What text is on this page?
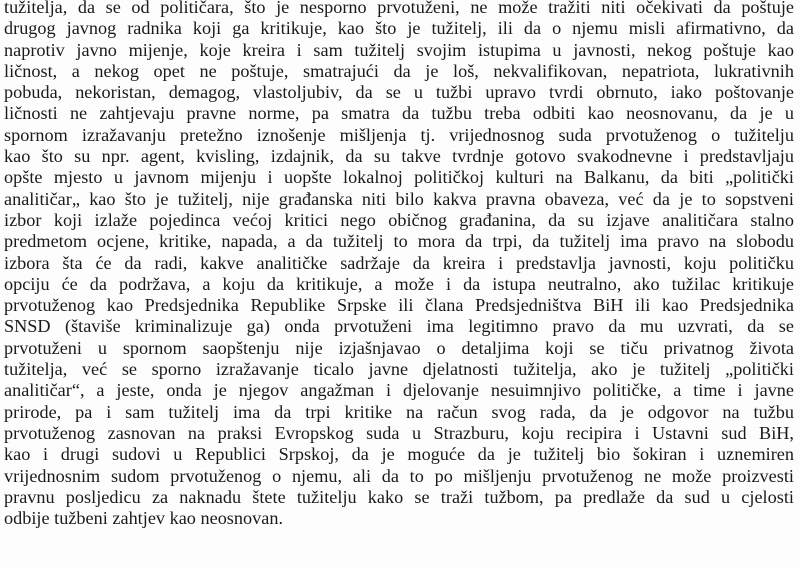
tužitelja, da se od političara, što je nesporno prvotuženi, ne može tražiti niti očekivati da poštuje
drugog javnog radnika koji ga kritikuje, kao što je tužitelj, ili da o njemu misli afirmativno, da
naprotiv javno mijenje, koje kreira i sam tužitelj svojim istupima u javnosti, nekog poštuje kao
ličnost, a nekog opet ne poštuje, smatrajući da je loš, nekvalifikovan, nepatriota, lukrativnih
pobuda, nekoristan, demagog, vlastoljubiv, da se u tužbi upravo tvrdi obrnuto, iako poštovanje
ličnosti ne zahtjevaju pravne norme, pa smatra da tužbu treba odbiti kao neosnovanu, da je u
spornom izražavanju pretežno iznošenje mišljenja tj. vrijednosnog suda prvotuženog o tužitelju
kao što su npr. agent, kvisling, izdajnik, da su takve tvrdnje gotovo svakodnevne i predstavljaju
opšte mjesto u javnom mijenju i uopšte lokalnoj političkoj kulturi na Balkanu, da biti „politički
analitičar„ kao što je tužitelj, nije građanska niti bilo kakva pravna obaveza, već da je to sopstveni
izbor koji izlaže pojedinca većoj kritici nego običnog građanina, da su izjave analitičara stalno
predmetom ocjene, kritike, napada, a da tužitelj to mora da trpi, da tužitelj ima pravo na slobodu
izbora šta će da radi, kakve analitičke sadržaje da kreira i predstavlja javnosti, koju političku
opciju će da podržava, a koju da kritikuje, a može i da istupa neutralno, ako tužilac kritikuje
prvotuženog kao Predsjednika Republike Srpske ili člana Predsjedništva BiH ili kao Predsjednika
SNSD (štaviše kriminalizuje ga) onda prvotuženi ima legitimno pravo da mu uzvrati, da se
prvotuženi u spornom saopštenju nije izjašnjavao o detaljima koji se tiču privatnog života
tužitelja, već se sporno izražavanje ticalo javne djelatnosti tužitelja, ako je tužitelj „politički
analitičar“, a jeste, onda je njegov angažman i djelovanje nesuimnjivo političke, a time i javne
prirode, pa i sam tužitelj ima da trpi kritike na račun svog rada, da je odgovor na tužbu
prvotuženog zasnovan na praksi Evropskog suda u Strazburu, koju recipira i Ustavni sud BiH,
kao i drugi sudovi u Republici Srpskoj, da je moguće da je tužitelj bio šokiran i uznemiren
vrijednosnim sudom prvotuženog o njemu, ali da to po mišljenju prvotuženog ne može proizvesti
pravnu posljedicu za naknadu štete tužitelju kako se traži tužbom, pa predlaže da sud u cjelosti
odbije tužbeni zahtjev kao neosnovan.
